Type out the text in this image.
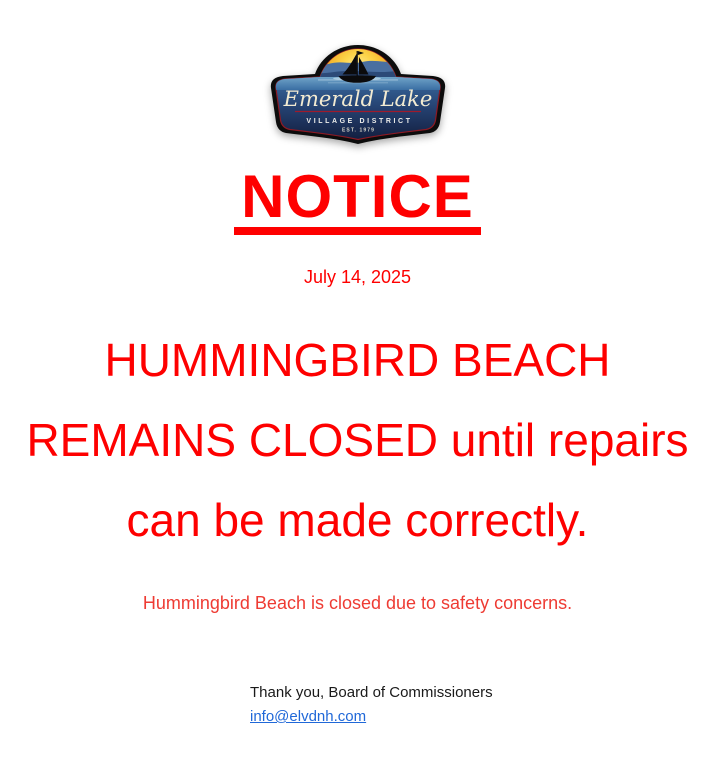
Emerald Lake
VILLAGE DISTRICT
EST. 1979
NOTICE
July 14, 2025
HUMMINGBIRD BEACH
REMAINS CLOSED until repairs
can be made correctly.
Hummingbird Beach is closed due to safety concerns.
Thank you, Board of Commissioners
info@elvdnh.com
